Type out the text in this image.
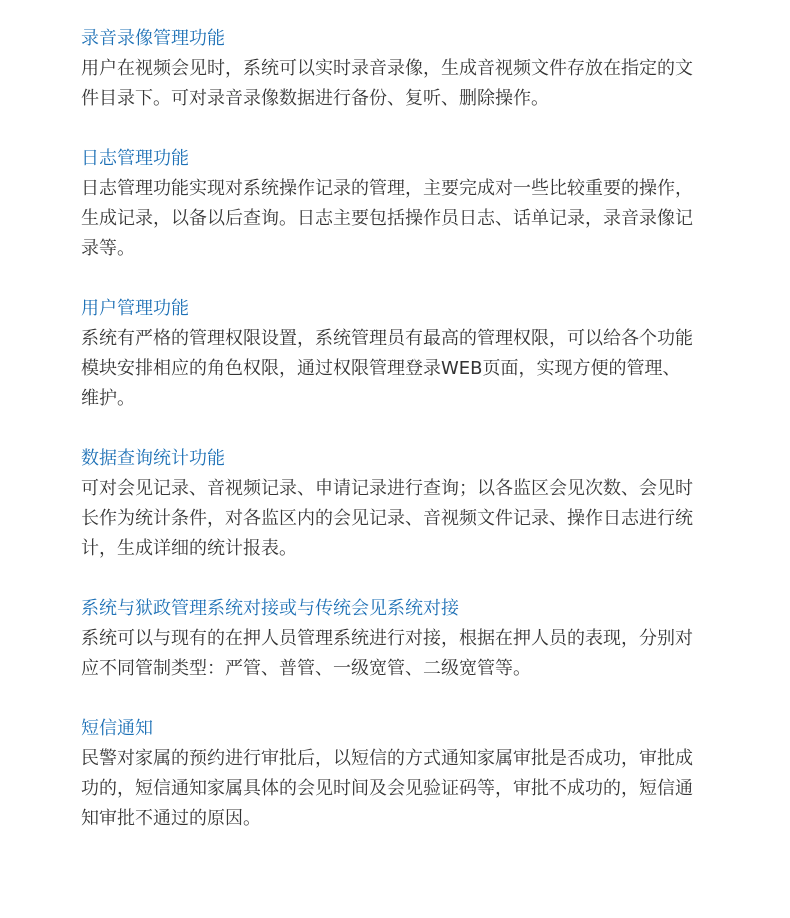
录音录像管理功能

用户在视频会见时，系统可以实时录音录像，生成音视频文件存放在指定的文件目录下。可对录音录像数据进行备份、复听、删除操作。

日志管理功能

日志管理功能实现对系统操作记录的管理，主要完成对一些比较重要的操作，生成记录，以备以后查询。日志主要包括操作员日志、话单记录，录音录像记录等。

用户管理功能

系统有严格的管理权限设置，系统管理员有最高的管理权限，可以给各个功能模块安排相应的角色权限，通过权限管理登录WEB页面，实现方便的管理、维护。

数据查询统计功能

可对会见记录、音视频记录、申请记录进行查询；以各监区会见次数、会见时长作为统计条件，对各监区内的会见记录、音视频文件记录、操作日志进行统计，生成详细的统计报表。

系统与狱政管理系统对接或与传统会见系统对接

系统可以与现有的在押人员管理系统进行对接，根据在押人员的表现，分别对应不同管制类型：严管、普管、一级宽管、二级宽管等。

短信通知

民警对家属的预约进行审批后，以短信的方式通知家属审批是否成功，审批成功的，短信通知家属具体的会见时间及会见验证码等，审批不成功的，短信通知审批不通过的原因。
